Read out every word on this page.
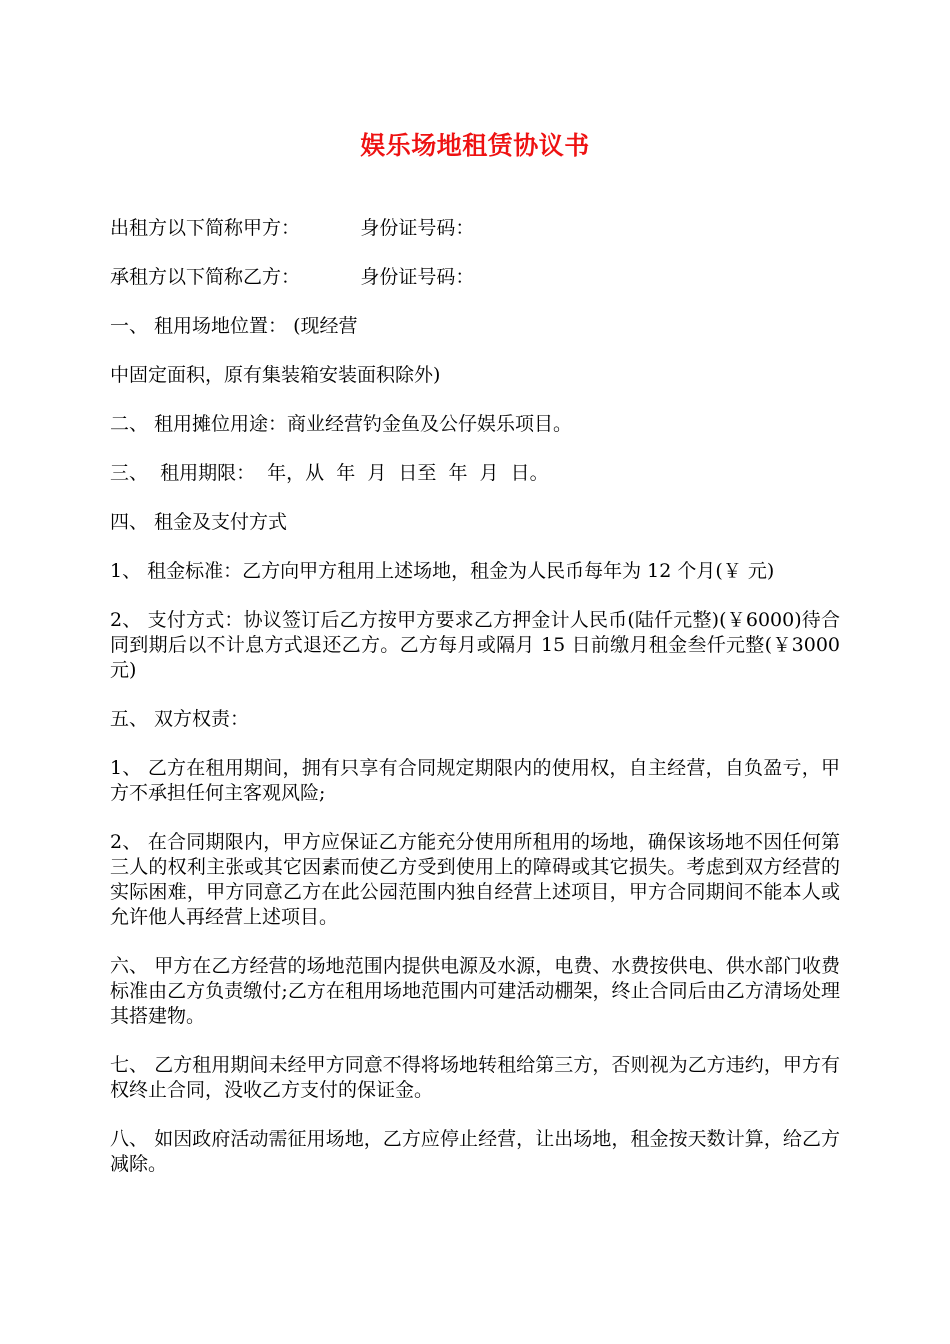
娱乐场地租赁协议书

出租方以下简称甲方：          身份证号码：

承租方以下简称乙方：          身份证号码：

一、 租用场地位置： (现经营

中固定面积，原有集装箱安装面积除外)

二、 租用摊位用途：商业经营钓金鱼及公仔娱乐项目。

三、  租用期限：  年，从  年  月  日至  年  月  日。

四、 租金及支付方式

1、 租金标准：乙方向甲方租用上述场地，租金为人民币每年为 12 个月(￥ 元)

2、 支付方式：协议签订后乙方按甲方要求乙方押金计人民币(陆仟元整)(￥6000)待合同到期后以不计息方式退还乙方。乙方每月或隔月 15 日前缴月租金叁仟元整(￥3000 元)

五、 双方权责：

1、 乙方在租用期间，拥有只享有合同规定期限内的使用权，自主经营，自负盈亏，甲方不承担任何主客观风险;

2、 在合同期限内，甲方应保证乙方能充分使用所租用的场地，确保该场地不因任何第三人的权利主张或其它因素而使乙方受到使用上的障碍或其它损失。考虑到双方经营的实际困难，甲方同意乙方在此公园范围内独自经营上述项目，甲方合同期间不能本人或允许他人再经营上述项目。

六、 甲方在乙方经营的场地范围内提供电源及水源，电费、水费按供电、供水部门收费标准由乙方负责缴付;乙方在租用场地范围内可建活动棚架，终止合同后由乙方清场处理其搭建物。

七、 乙方租用期间未经甲方同意不得将场地转租给第三方，否则视为乙方违约，甲方有权终止合同，没收乙方支付的保证金。

八、 如因政府活动需征用场地，乙方应停止经营，让出场地，租金按天数计算，给乙方减除。
